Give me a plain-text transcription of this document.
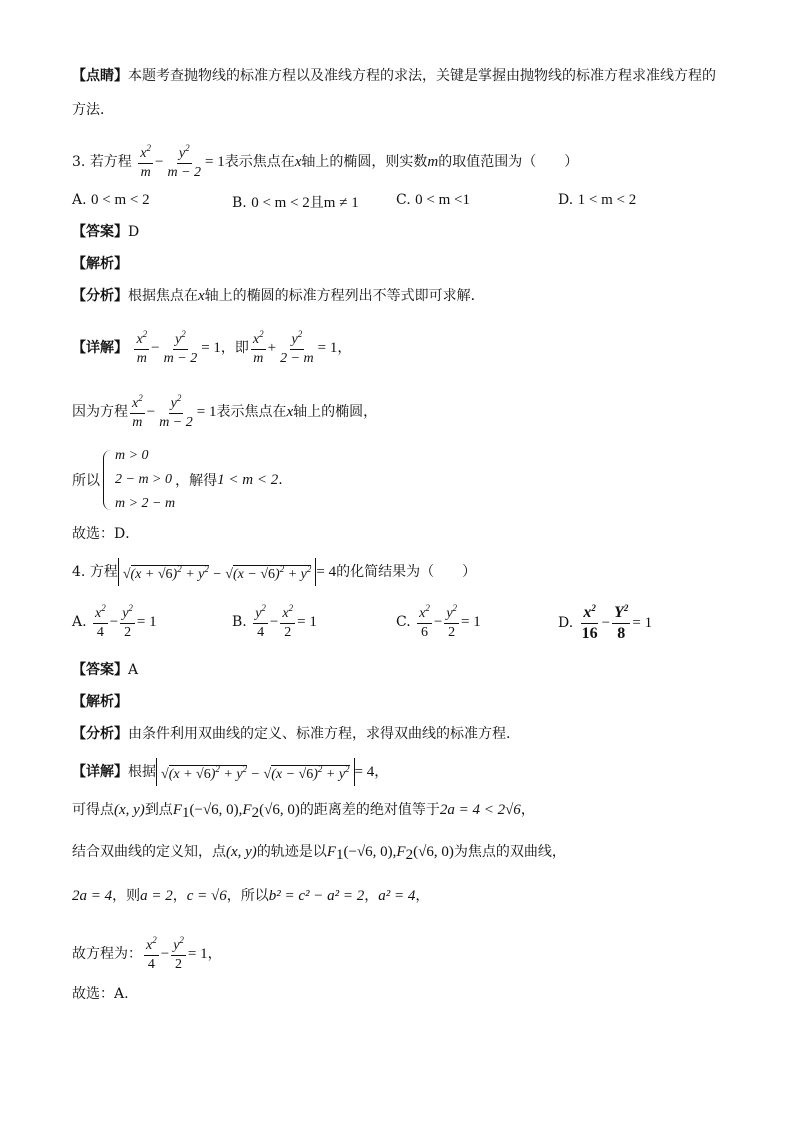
【点睛】本题考查抛物线的标准方程以及准线方程的求法，关键是掌握由抛物线的标准方程求准线方程的
方法．
3. 若方程 $\frac{x^2}{m} - \frac{y^2}{m - 2} = 1$表示焦点在x轴上的椭圆，则实数m的取值范围为（　　）
A. 0 < m < 2	B. 0 < m < 2且m ≠ 1	C. 0 < m <1	D. 1 < m < 2
【答案】D
【解析】
【分析】根据焦点在x轴上的椭圆的标准方程列出不等式即可求解．
【详解】 $\frac{x^2}{m} - \frac{y^2}{m - 2} = 1$，即 $\frac{x^2}{m} + \frac{y^2}{2 - m} = 1$，
因为方程 $\frac{x^2}{m} - \frac{y^2}{m - 2} = 1$表示焦点在x轴上的椭圆，
所以
m > 0
2 − m > 0
m > 2 − m
，解得 1 < m < 2 .
故选：D．
4. 方程 $√(x + √6)^2 + y^2 - √(x - √6)^2 + y^2 = 4$的化简结果为（　　）
A. $\frac{x^2}{4} - \frac{y^2}{2} = 1$	B. $\frac{y^2}{4} - \frac{x^2}{2} = 1$	C. $\frac{x^2}{6} - \frac{y^2}{2} = 1$	D. $\frac{x^2}{16} - \frac{Y^2}{8} = 1$
【答案】A
【解析】
【分析】由条件利用双曲线的定义、标准方程，求得双曲线的标准方程.
【详解】根据 $√(x + √6)^2 + y^2 - √(x - √6)^2 + y^2 = 4$，
可得点(x, y)到点$F_1(-√6$, $0),F_2(√6$, 0)的距离差的绝对值等于2a = 4 < 2√6，
结合双曲线的定义知，点(x, y)的轨迹是以$F_1(-√6$, $0),F_2(√6$, 0)为焦点的双曲线，
2a = 4，则a = 2，c = √6，所以b² = c² − a² = 2，a² = 4，
故方程为： $\frac{x^2}{4} - \frac{y^2}{2} = 1$，
故选：A.
